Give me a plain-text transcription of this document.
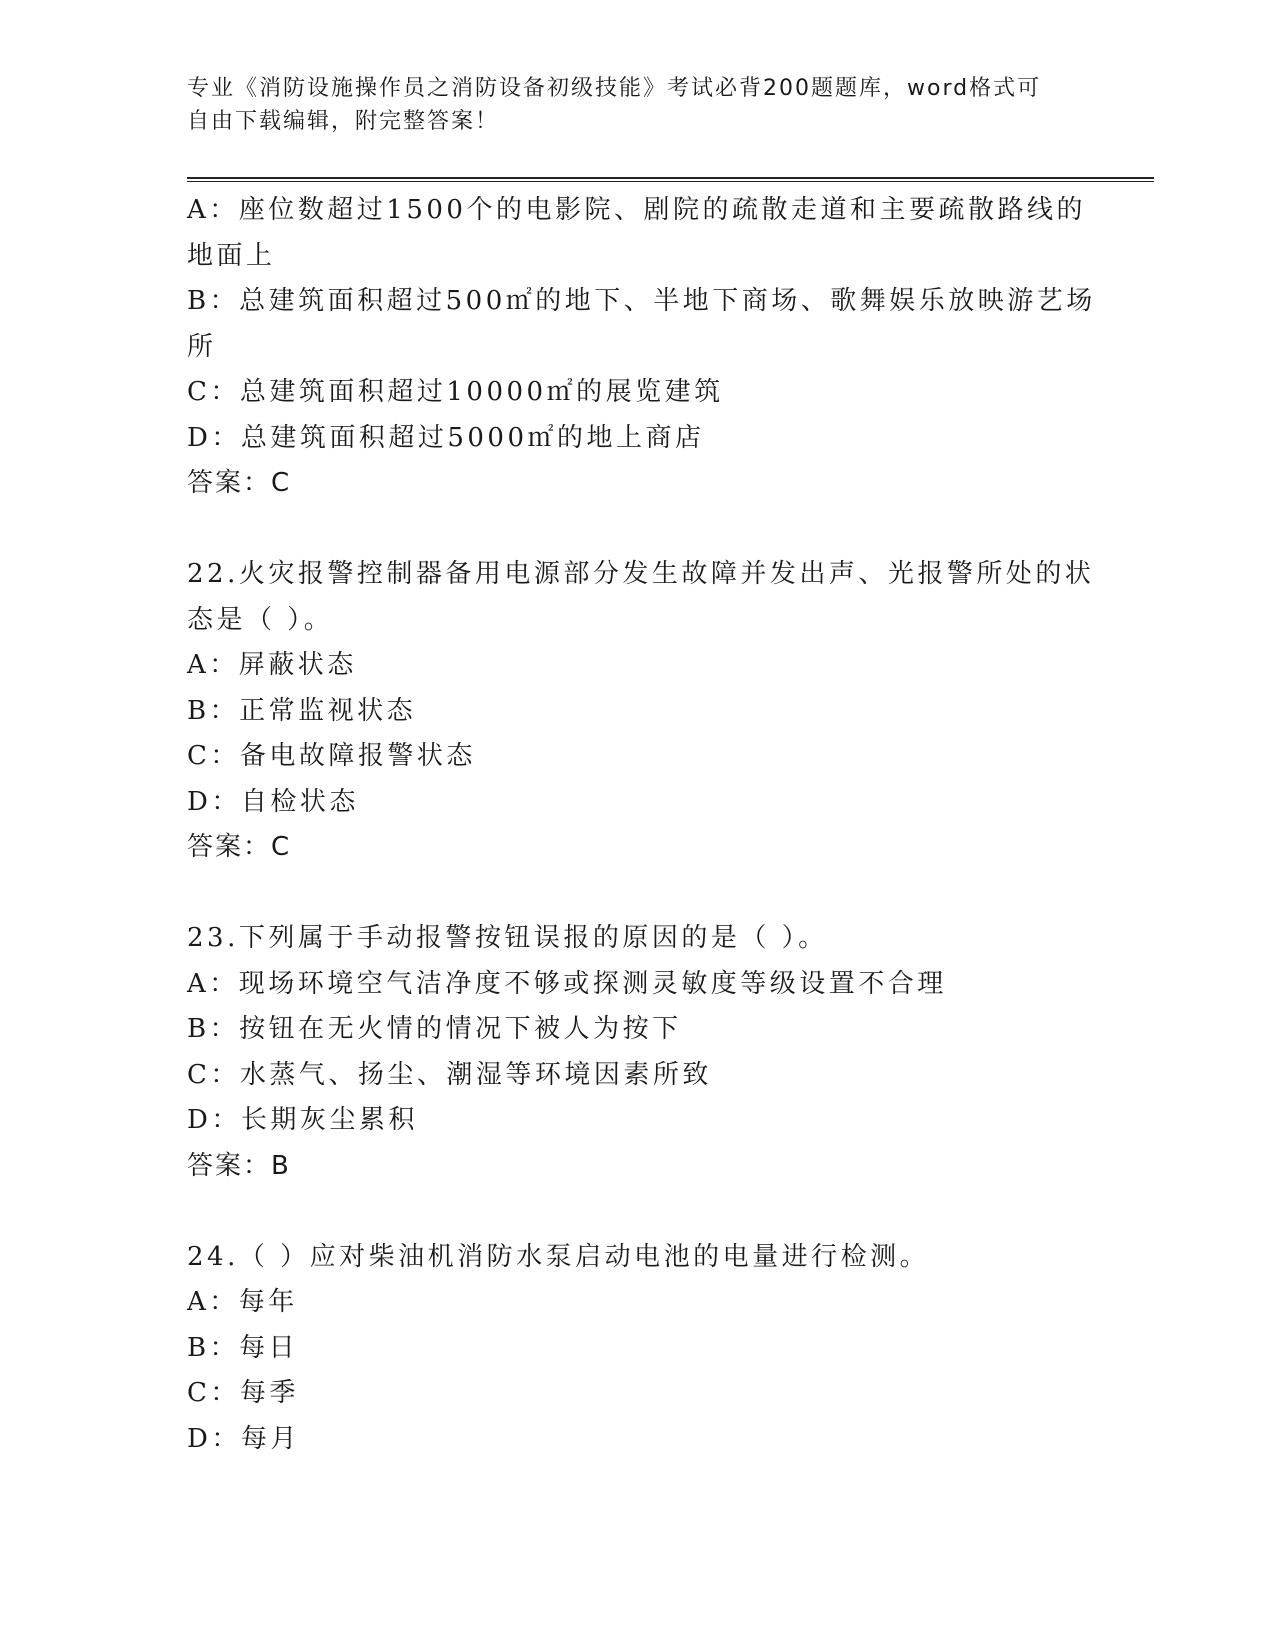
专业《消防设施操作员之消防设备初级技能》考试必背200题题库，word格式可
自由下载编辑，附完整答案！
A：座位数超过1500个的电影院、剧院的疏散走道和主要疏散路线的
地面上
B：总建筑面积超过500㎡的地下、半地下商场、歌舞娱乐放映游艺场
所
C：总建筑面积超过10000㎡的展览建筑
D：总建筑面积超过5000㎡的地上商店
答案：C
22.火灾报警控制器备用电源部分发生故障并发出声、光报警所处的状
态是（ ）。
A：屏蔽状态
B：正常监视状态
C：备电故障报警状态
D：自检状态
答案：C
23.下列属于手动报警按钮误报的原因的是（ ）。
A：现场环境空气洁净度不够或探测灵敏度等级设置不合理
B：按钮在无火情的情况下被人为按下
C：水蒸气、扬尘、潮湿等环境因素所致
D：长期灰尘累积
答案：B
24.（ ）应对柴油机消防水泵启动电池的电量进行检测。
A：每年
B：每日
C：每季
D：每月
